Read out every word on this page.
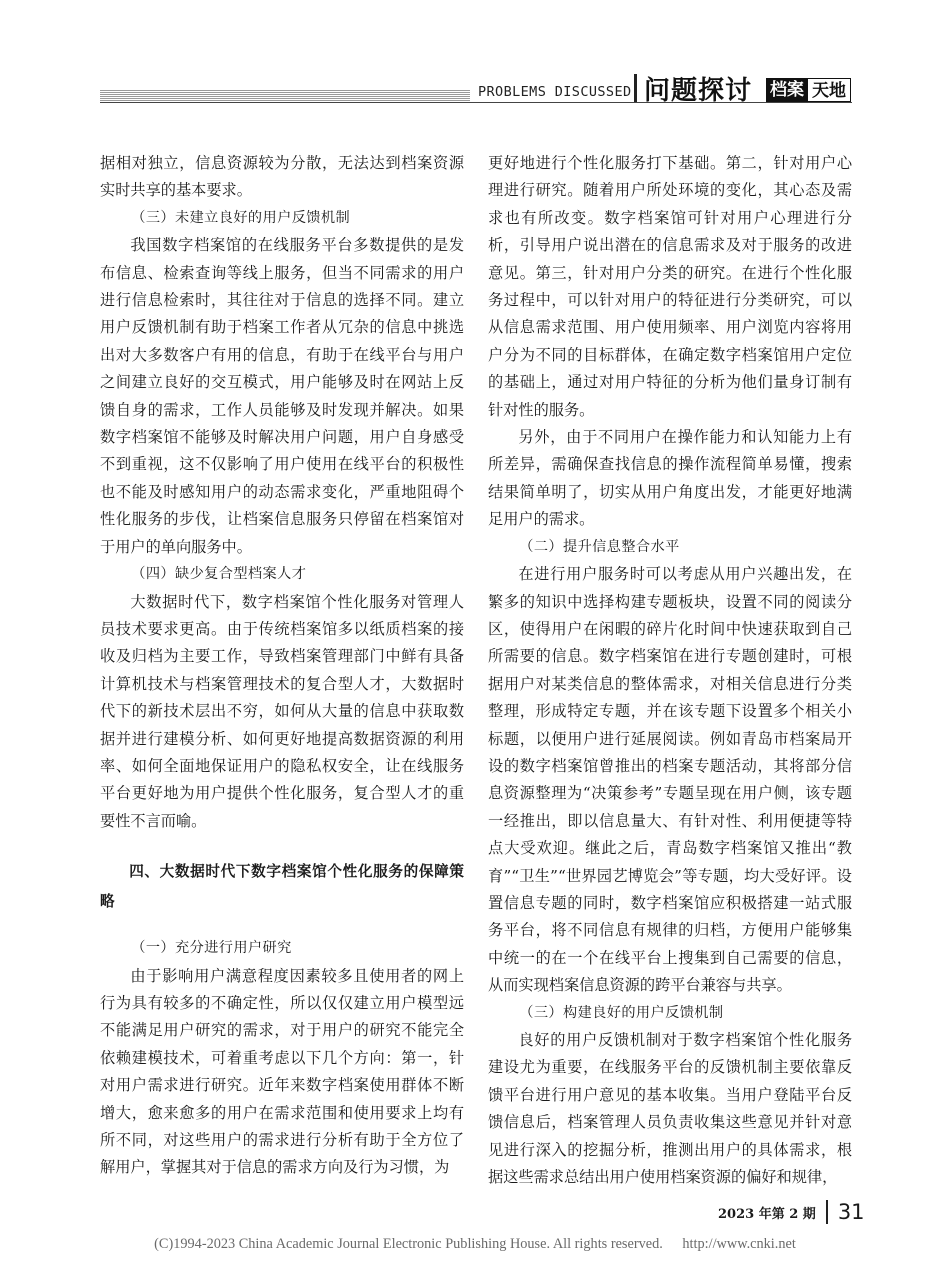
PROBLEMS DISCUSSED 问题探讨 档案 天地

据相对独立，信息资源较为分散，无法达到档案资源实时共享的基本要求。

（三）未建立良好的用户反馈机制

我国数字档案馆的在线服务平台多数提供的是发布信息、检索查询等线上服务，但当不同需求的用户进行信息检索时，其往往对于信息的选择不同。建立用户反馈机制有助于档案工作者从冗杂的信息中挑选出对大多数客户有用的信息，有助于在线平台与用户之间建立良好的交互模式，用户能够及时在网站上反馈自身的需求，工作人员能够及时发现并解决。如果数字档案馆不能够及时解决用户问题，用户自身感受不到重视，这不仅影响了用户使用在线平台的积极性也不能及时感知用户的动态需求变化，严重地阻碍个性化服务的步伐，让档案信息服务只停留在档案馆对于用户的单向服务中。

（四）缺少复合型档案人才

大数据时代下，数字档案馆个性化服务对管理人员技术要求更高。由于传统档案馆多以纸质档案的接收及归档为主要工作，导致档案管理部门中鲜有具备计算机技术与档案管理技术的复合型人才，大数据时代下的新技术层出不穷，如何从大量的信息中获取数据并进行建模分析、如何更好地提高数据资源的利用率、如何全面地保证用户的隐私权安全，让在线服务平台更好地为用户提供个性化服务，复合型人才的重要性不言而喻。

四、大数据时代下数字档案馆个性化服务的保障策略

（一）充分进行用户研究

由于影响用户满意程度因素较多且使用者的网上行为具有较多的不确定性，所以仅仅建立用户模型远不能满足用户研究的需求，对于用户的研究不能完全依赖建模技术，可着重考虑以下几个方向：第一，针对用户需求进行研究。近年来数字档案使用群体不断增大，愈来愈多的用户在需求范围和使用要求上均有所不同，对这些用户的需求进行分析有助于全方位了解用户，掌握其对于信息的需求方向及行为习惯，为

更好地进行个性化服务打下基础。第二，针对用户心理进行研究。随着用户所处环境的变化，其心态及需求也有所改变。数字档案馆可针对用户心理进行分析，引导用户说出潜在的信息需求及对于服务的改进意见。第三，针对用户分类的研究。在进行个性化服务过程中，可以针对用户的特征进行分类研究，可以从信息需求范围、用户使用频率、用户浏览内容将用户分为不同的目标群体，在确定数字档案馆用户定位的基础上，通过对用户特征的分析为他们量身订制有针对性的服务。

另外，由于不同用户在操作能力和认知能力上有所差异，需确保查找信息的操作流程简单易懂，搜索结果简单明了，切实从用户角度出发，才能更好地满足用户的需求。

（二）提升信息整合水平

在进行用户服务时可以考虑从用户兴趣出发，在繁多的知识中选择构建专题板块，设置不同的阅读分区，使得用户在闲暇的碎片化时间中快速获取到自己所需要的信息。数字档案馆在进行专题创建时，可根据用户对某类信息的整体需求，对相关信息进行分类整理，形成特定专题，并在该专题下设置多个相关小标题，以便用户进行延展阅读。例如青岛市档案局开设的数字档案馆曾推出的档案专题活动，其将部分信息资源整理为“决策参考”专题呈现在用户侧，该专题一经推出，即以信息量大、有针对性、利用便捷等特点大受欢迎。继此之后，青岛数字档案馆又推出“教育”“卫生”“世界园艺博览会”等专题，均大受好评。设置信息专题的同时，数字档案馆应积极搭建一站式服务平台，将不同信息有规律的归档，方便用户能够集中统一的在一个在线平台上搜集到自己需要的信息，从而实现档案信息资源的跨平台兼容与共享。

（三）构建良好的用户反馈机制

良好的用户反馈机制对于数字档案馆个性化服务建设尤为重要，在线服务平台的反馈机制主要依靠反馈平台进行用户意见的基本收集。当用户登陆平台反馈信息后，档案管理人员负责收集这些意见并针对意见进行深入的挖掘分析，推测出用户的具体需求，根据这些需求总结出用户使用档案资源的偏好和规律，

2023 年第 2 期 31
(C)1994-2023 China Academic Journal Electronic Publishing House. All rights reserved. http://www.cnki.net
